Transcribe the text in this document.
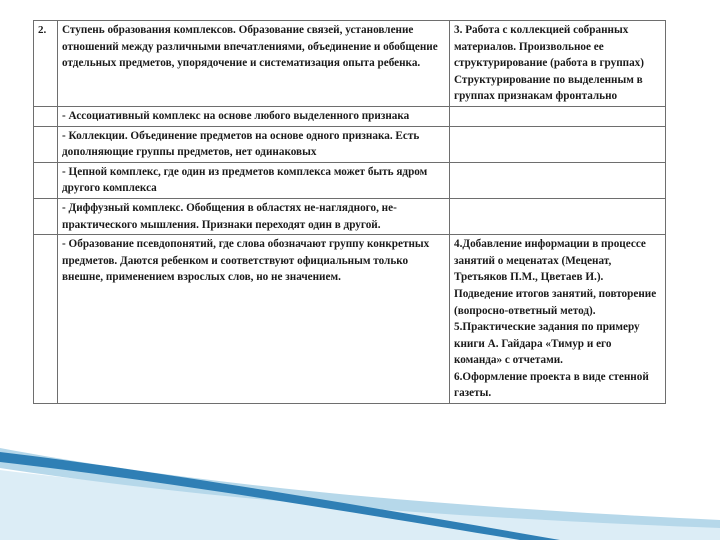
2.	Ступень образования комплексов. Образование связей, установление отношений между различными впечатлениями, объединение и обобщение отдельных предметов, упорядочение и систематизация опыта ребенка.	3. Работа с коллекцией собранных материалов. Произвольное ее структурирование (работа в группах) Структурирование по выделенным в группах признакам фронтально
	- Ассоциативный комплекс на основе любого выделенного признака	
	- Коллекции. Объединение предметов на основе одного признака. Есть дополняющие группы предметов, нет одинаковых	
	- Цепной комплекс, где один из предметов комплекса может быть ядром другого комплекса	
	- Диффузный комплекс. Обобщения в областях не-наглядного, не-практического мышления. Признаки переходят один в другой.	
	- Образование псевдопонятий, где слова обозначают группу конкретных предметов. Даются ребенком и соответствуют официальным только внешне, применением взрослых слов, но не значением.	4.Добавление информации в процессе занятий о меценатах (Меценат, Третьяков П.М., Цветаев И.). Подведение итогов занятий, повторение (вопросно-ответный метод).

5.Практические задания по примеру книги А. Гайдара «Тимур и его команда» с отчетами.

6.Оформление проекта в виде стенной газеты.
